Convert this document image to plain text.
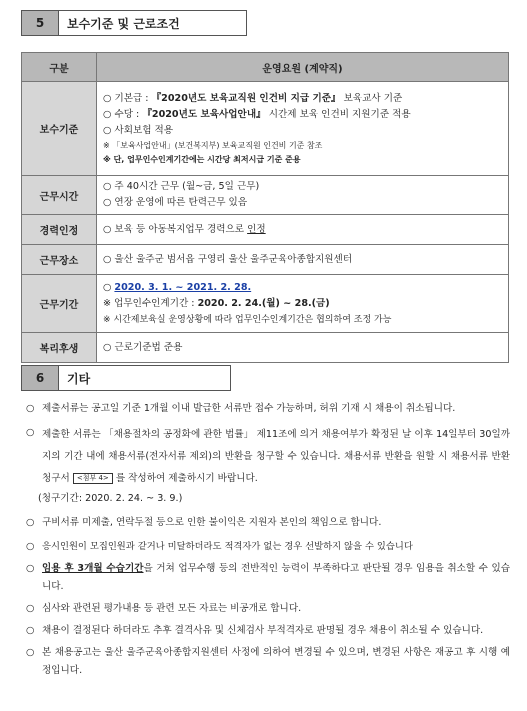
5	보수기준 및 근로조건
구분	운영요원 (계약직)
보수기준	○ 기본급 : 『2020년도 보육교직원 인건비 지급 기준』 보육교사 기준
○ 수당 : 『2020년도 보육사업안내』 시간제 보육 인건비 지원기준 적용
○ 사회보험 적용
※ 「보육사업안내」(보건복지부) 보육교직원 인건비 기준 참조
※ 단, 업무인수인계기간에는 시간당 최저시급 기준 준용

근무시간	○ 주 40시간 근무 (월~금, 5일 근무)
○ 연장 운영에 따른 탄력근무 있음

경력인정	○ 보육 등 아동복지업무 경력으로 인정

근무장소	○ 울산 울주군 범서읍 구영리 울산 울주군육아종합지원센터

근무기간	○ 2020. 3. 1. ~ 2021. 2. 28.
※ 업무인수인계기간 : 2020. 2. 24.(월) ~ 28.(금)
※ 시간제보육실 운영상황에 따라 업무인수인계기간은 협의하여 조정 가능

복리후생	○ 근로기준법 준용
6	기타
○ 제출서류는 공고일 기준 1개월 이내 발급한 서류만 접수 가능하며, 허위 기재 시 채용이 취소됩니다.
○ 제출한 서류는 「채용절차의 공정화에 관한 법률」 제11조에 의거 채용여부가 확정된 날 이후 14일부터 30일까지의 기간 내에 채용서류(전자서류 제외)의 반환을 청구할 수 있습니다. 채용서류 반환을 원할 시 채용서류 반환 청구서 <첨부 4> 를 작성하여 제출하시기 바랍니다.
(청구기간: 2020. 2. 24. ~ 3. 9.)
○ 구비서류 미제출, 연락두절 등으로 인한 불이익은 지원자 본인의 책임으로 합니다.
○ 응시인원이 모집인원과 같거나 미달하더라도 적격자가 없는 경우 선발하지 않을 수 있습니다
○ 임용 후 3개월 수습기간을 거쳐 업무수행 등의 전반적인 능력이 부족하다고 판단될 경우 임용을 취소할 수 있습니다.
○ 심사와 관련된 평가내용 등 관련 모든 자료는 비공개로 합니다.
○ 채용이 결정된다 하더라도 추후 결격사유 및 신체검사 부적격자로 판명될 경우 채용이 취소될 수 있습니다.
○ 본 채용공고는 울산 울주군육아종합지원센터 사정에 의하여 변경될 수 있으며, 변경된 사항은 재공고 후 시행 예정입니다.
